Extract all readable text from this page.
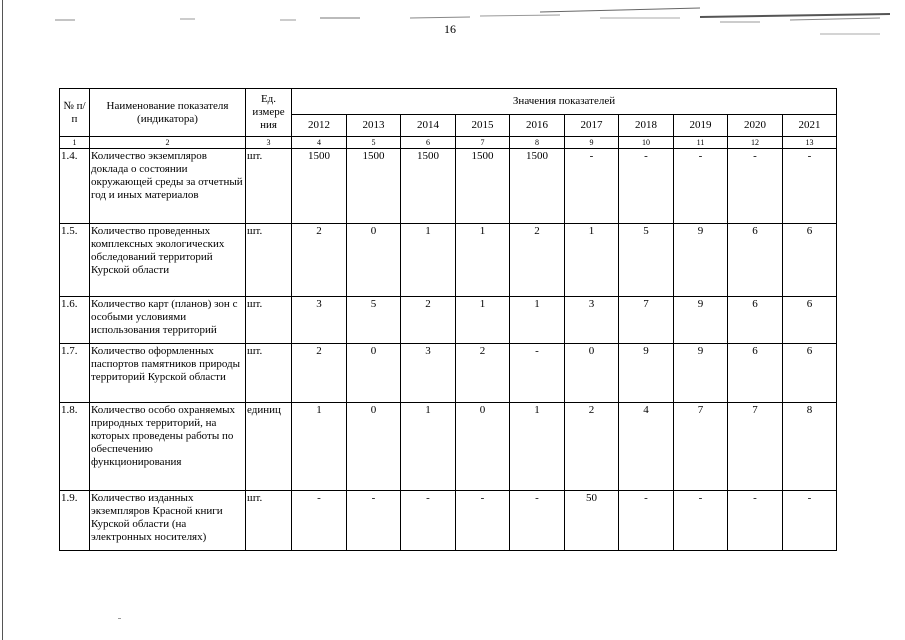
16
№ п/п	Наименование показателя (индикатора)	Ед. измере ния	Значения показателей									
			2012	2013	2014	2015	2016	2017	2018	2019	2020	2021
1	2	3	4	5	6	7	8	9	10	11	12	13
1.4.	Количество экземпляров доклада о состоянии окружающей среды за отчетный год и иных материалов	шт.	1500	1500	1500	1500	1500	-	-	-	-	-
1.5.	Количество проведенных комплексных экологических обследований территорий Курской области	шт.	2	0	1	1	2	1	5	9	6	6
1.6.	Количество карт (планов) зон с особыми условиями использования территорий	шт.	3	5	2	1	1	3	7	9	6	6
1.7.	Количество оформленных паспортов памятников природы территорий Курской области	шт.	2	0	3	2	-	0	9	9	6	6
1.8.	Количество особо охраняемых природных территорий, на которых проведены работы по обеспечению функционирования	единиц	1	0	1	0	1	2	4	7	7	8
1.9.	Количество изданных экземпляров Красной книги Курской области (на электронных носителях)	шт.	-	-	-	-	-	50	-	-	-	-
